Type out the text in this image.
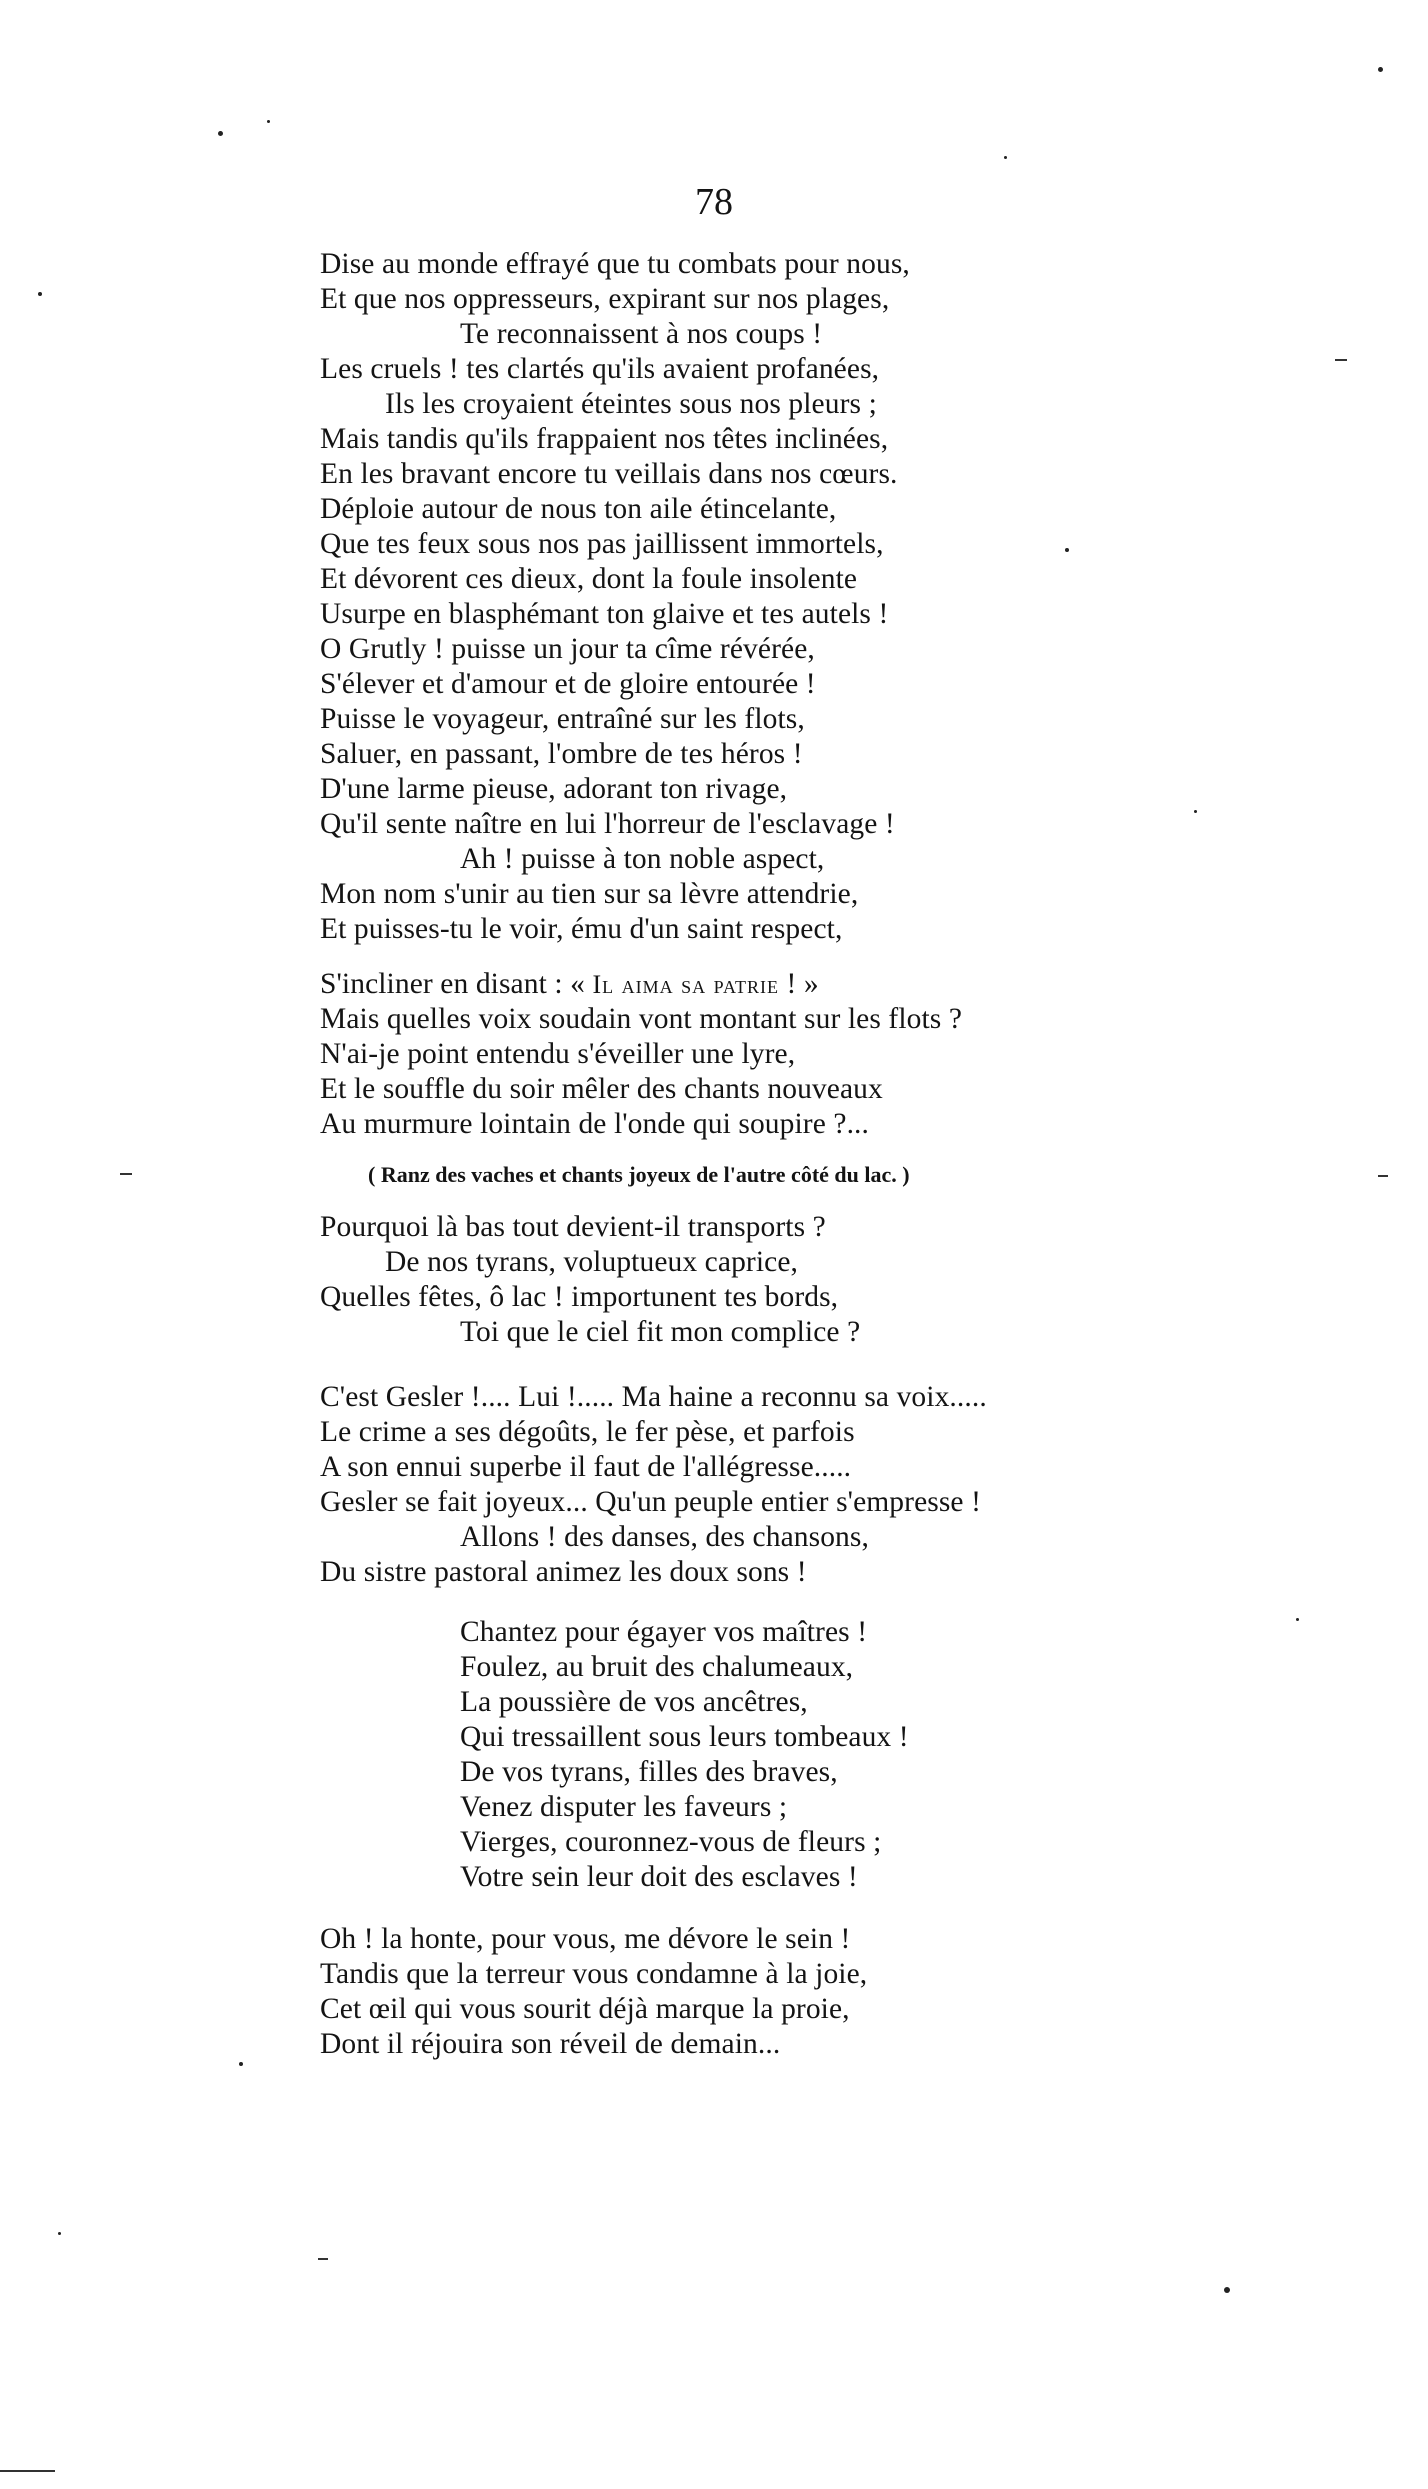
78
Dise au monde effrayé que tu combats pour nous,
Et que nos oppresseurs, expirant sur nos plages,
Te reconnaissent à nos coups !
Les cruels ! tes clartés qu'ils avaient profanées,
Ils les croyaient éteintes sous nos pleurs ;
Mais tandis qu'ils frappaient nos têtes inclinées,
En les bravant encore tu veillais dans nos cœurs.
Déploie autour de nous ton aile étincelante,
Que tes feux sous nos pas jaillissent immortels,
Et dévorent ces dieux, dont la foule insolente
Usurpe en blasphémant ton glaive et tes autels !
O Grutly ! puisse un jour ta cîme révérée,
S'élever et d'amour et de gloire entourée !
Puisse le voyageur, entraîné sur les flots,
Saluer, en passant, l'ombre de tes héros !
D'une larme pieuse, adorant ton rivage,
Qu'il sente naître en lui l'horreur de l'esclavage !
Ah ! puisse à ton noble aspect,
Mon nom s'unir au tien sur sa lèvre attendrie,
Et puisses-tu le voir, ému d'un saint respect,
S'incliner en disant : « Il aima sa patrie ! »
Mais quelles voix soudain vont montant sur les flots ?
N'ai-je point entendu s'éveiller une lyre,
Et le souffle du soir mêler des chants nouveaux
Au murmure lointain de l'onde qui soupire ?...
( Ranz des vaches et chants joyeux de l'autre côté du lac. )
Pourquoi là bas tout devient-il transports ?
De nos tyrans, voluptueux caprice,
Quelles fêtes, ô lac ! importunent tes bords,
Toi que le ciel fit mon complice ?
C'est Gesler !.... Lui !..... Ma haine a reconnu sa voix.....
Le crime a ses dégoûts, le fer pèse, et parfois
A son ennui superbe il faut de l'allégresse.....
Gesler se fait joyeux... Qu'un peuple entier s'empresse !
Allons ! des danses, des chansons,
Du sistre pastoral animez les doux sons !
Chantez pour égayer vos maîtres !
Foulez, au bruit des chalumeaux,
La poussière de vos ancêtres,
Qui tressaillent sous leurs tombeaux !
De vos tyrans, filles des braves,
Venez disputer les faveurs ;
Vierges, couronnez-vous de fleurs ;
Votre sein leur doit des esclaves !
Oh ! la honte, pour vous, me dévore le sein !
Tandis que la terreur vous condamne à la joie,
Cet œil qui vous sourit déjà marque la proie,
Dont il réjouira son réveil de demain...
